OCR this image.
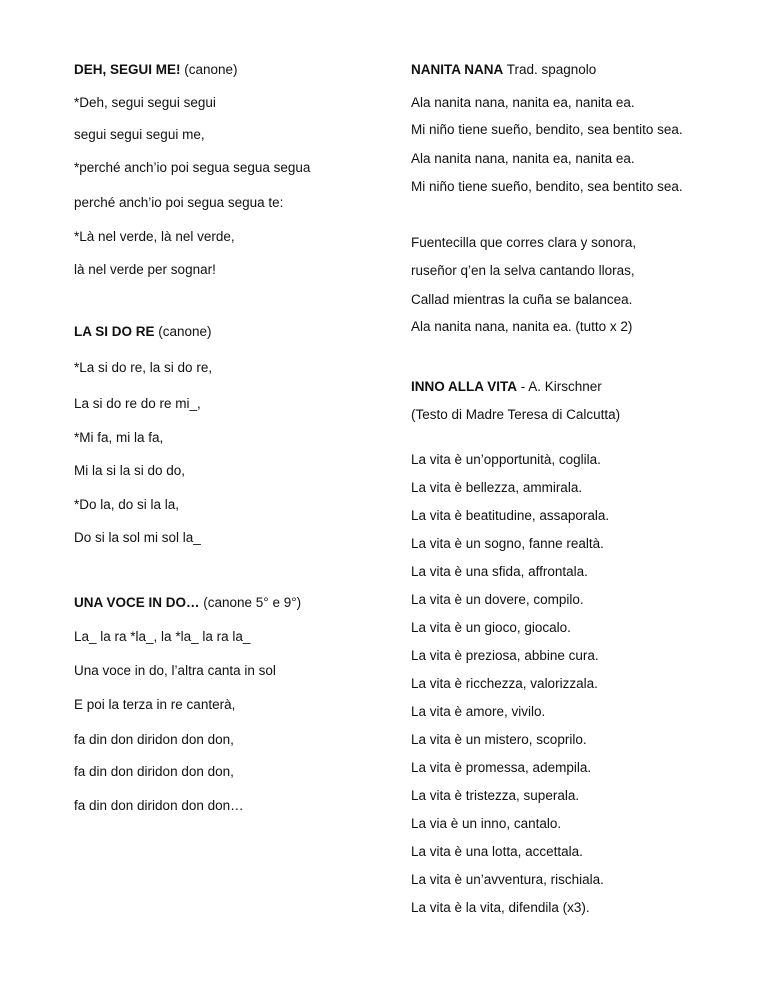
DEH, SEGUI ME! (canone)
*Deh, segui segui segui
segui segui segui me,
*perché anch’io poi segua segua segua
perché anch’io poi segua segua te:
*Là nel verde, là nel verde,
là nel verde per sognar!
LA SI DO RE (canone)
*La si do re, la si do re,
La si do re do re mi_,
*Mi fa, mi la fa,
Mi la si la si do do,
*Do la, do si la la,
Do si la sol mi sol la_
UNA VOCE IN DO… (canone 5° e 9°)
La_ la ra *la_, la *la_ la ra la_
Una voce in do, l’altra canta in sol
E poi la terza in re canterà,
fa din don diridon don don,
fa din don diridon don don,
fa din don diridon don don…
NANITA NANA Trad. spagnolo
Ala nanita nana, nanita ea, nanita ea.
Mi niño tiene sueño, bendito, sea bentito sea.
Ala nanita nana, nanita ea, nanita ea.
Mi niño tiene sueño, bendito, sea bentito sea.
Fuentecilla que corres clara y sonora,
ruseñor q’en la selva cantando lloras,
Callad mientras la cuña se balancea.
Ala nanita nana, nanita ea. (tutto x 2)
INNO ALLA VITA - A. Kirschner
(Testo di Madre Teresa di Calcutta)
La vita è un’opportunità, coglila.
La vita è bellezza, ammirala.
La vita è beatitudine, assaporala.
La vita è un sogno, fanne realtà.
La vita è una sfida, affrontala.
La vita è un dovere, compilo.
La vita è un gioco, giocalo.
La vita è preziosa, abbine cura.
La vita è ricchezza, valorizzala.
La vita è amore, vivilo.
La vita è un mistero, scoprilo.
La vita è promessa, adempila.
La vita è tristezza, superala.
La via è un inno, cantalo.
La vita è una lotta, accettala.
La vita è un’avventura, rischiala.
La vita è la vita, difendila (x3).
